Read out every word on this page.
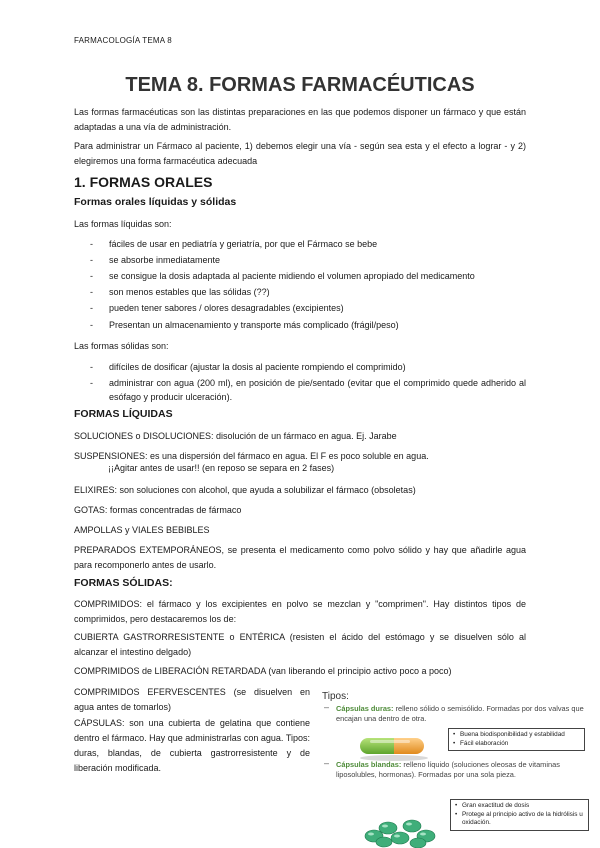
FARMACOLOGÍA TEMA 8
TEMA 8. FORMAS FARMACÉUTICAS
Las formas farmacéuticas son las distintas preparaciones en las que podemos disponer un fármaco y que están adaptadas a una vía de administración.
Para administrar un Fármaco al paciente, 1) debemos elegir una vía - según sea esta y el efecto a lograr - y 2) elegiremos una forma farmacéutica adecuada
1. FORMAS ORALES
Formas orales líquidas y sólidas
Las formas líquidas son:
- fáciles de usar en pediatría y geriatría, por que el Fármaco se bebe
- se absorbe inmediatamente
- se consigue la dosis adaptada al paciente midiendo el volumen apropiado del medicamento
- son menos estables que las sólidas (??)
- pueden tener sabores / olores desagradables (excipientes)
- Presentan un almacenamiento y transporte más complicado (frágil/peso)
Las formas sólidas son:
- difíciles de dosificar (ajustar la dosis al paciente rompiendo el comprimido)
- administrar con agua (200 ml), en posición de pie/sentado (evitar que el comprimido quede adherido al esófago y producir ulceración).
FORMAS LÍQUIDAS
SOLUCIONES o DISOLUCIONES: disolución de un fármaco en agua. Ej. Jarabe
SUSPENSIONES: es una dispersión del fármaco en agua. El F es poco soluble en agua.
¡¡Agitar antes de usar!! (en reposo se separa en 2 fases)
ELIXIRES: son soluciones con alcohol, que ayuda a solubilizar el fármaco (obsoletas)
GOTAS: formas concentradas de fármaco
AMPOLLAS y VIALES BEBIBLES
PREPARADOS EXTEMPORÁNEOS, se presenta el medicamento como polvo sólido y hay que añadirle agua para recomponerlo antes de usarlo.
FORMAS SÓLIDAS:
COMPRIMIDOS: el fármaco y los excipientes en polvo se mezclan y "comprimen". Hay distintos tipos de comprimidos, pero destacaremos los de:
CUBIERTA GASTRORRESISTENTE o ENTÉRICA (resisten el ácido del estómago y se disuelven sólo al alcanzar el intestino delgado)
COMPRIMIDOS de LIBERACIÓN RETARDADA (van liberando el principio activo poco a poco)
COMPRIMIDOS EFERVESCENTES (se disuelven en agua antes de tomarlos)
CÁPSULAS: son una cubierta de gelatina que contiene dentro el fármaco. Hay que administrarlas con agua. Tipos: duras, blandas, de cubierta gastrorresistente y de liberación modificada.
Tipos:
– Cápsulas duras: relleno sólido o semisólido. Formadas por dos valvas que encajan una dentro de otra.
• Buena biodisponibilidad y estabilidad
• Fácil elaboración
– Cápsulas blandas: relleno líquido (soluciones oleosas de vitaminas liposolubles, hormonas). Formadas por una sola pieza.
• Gran exactitud de dosis
• Protege al principio activo de la hidrólisis u oxidación.
